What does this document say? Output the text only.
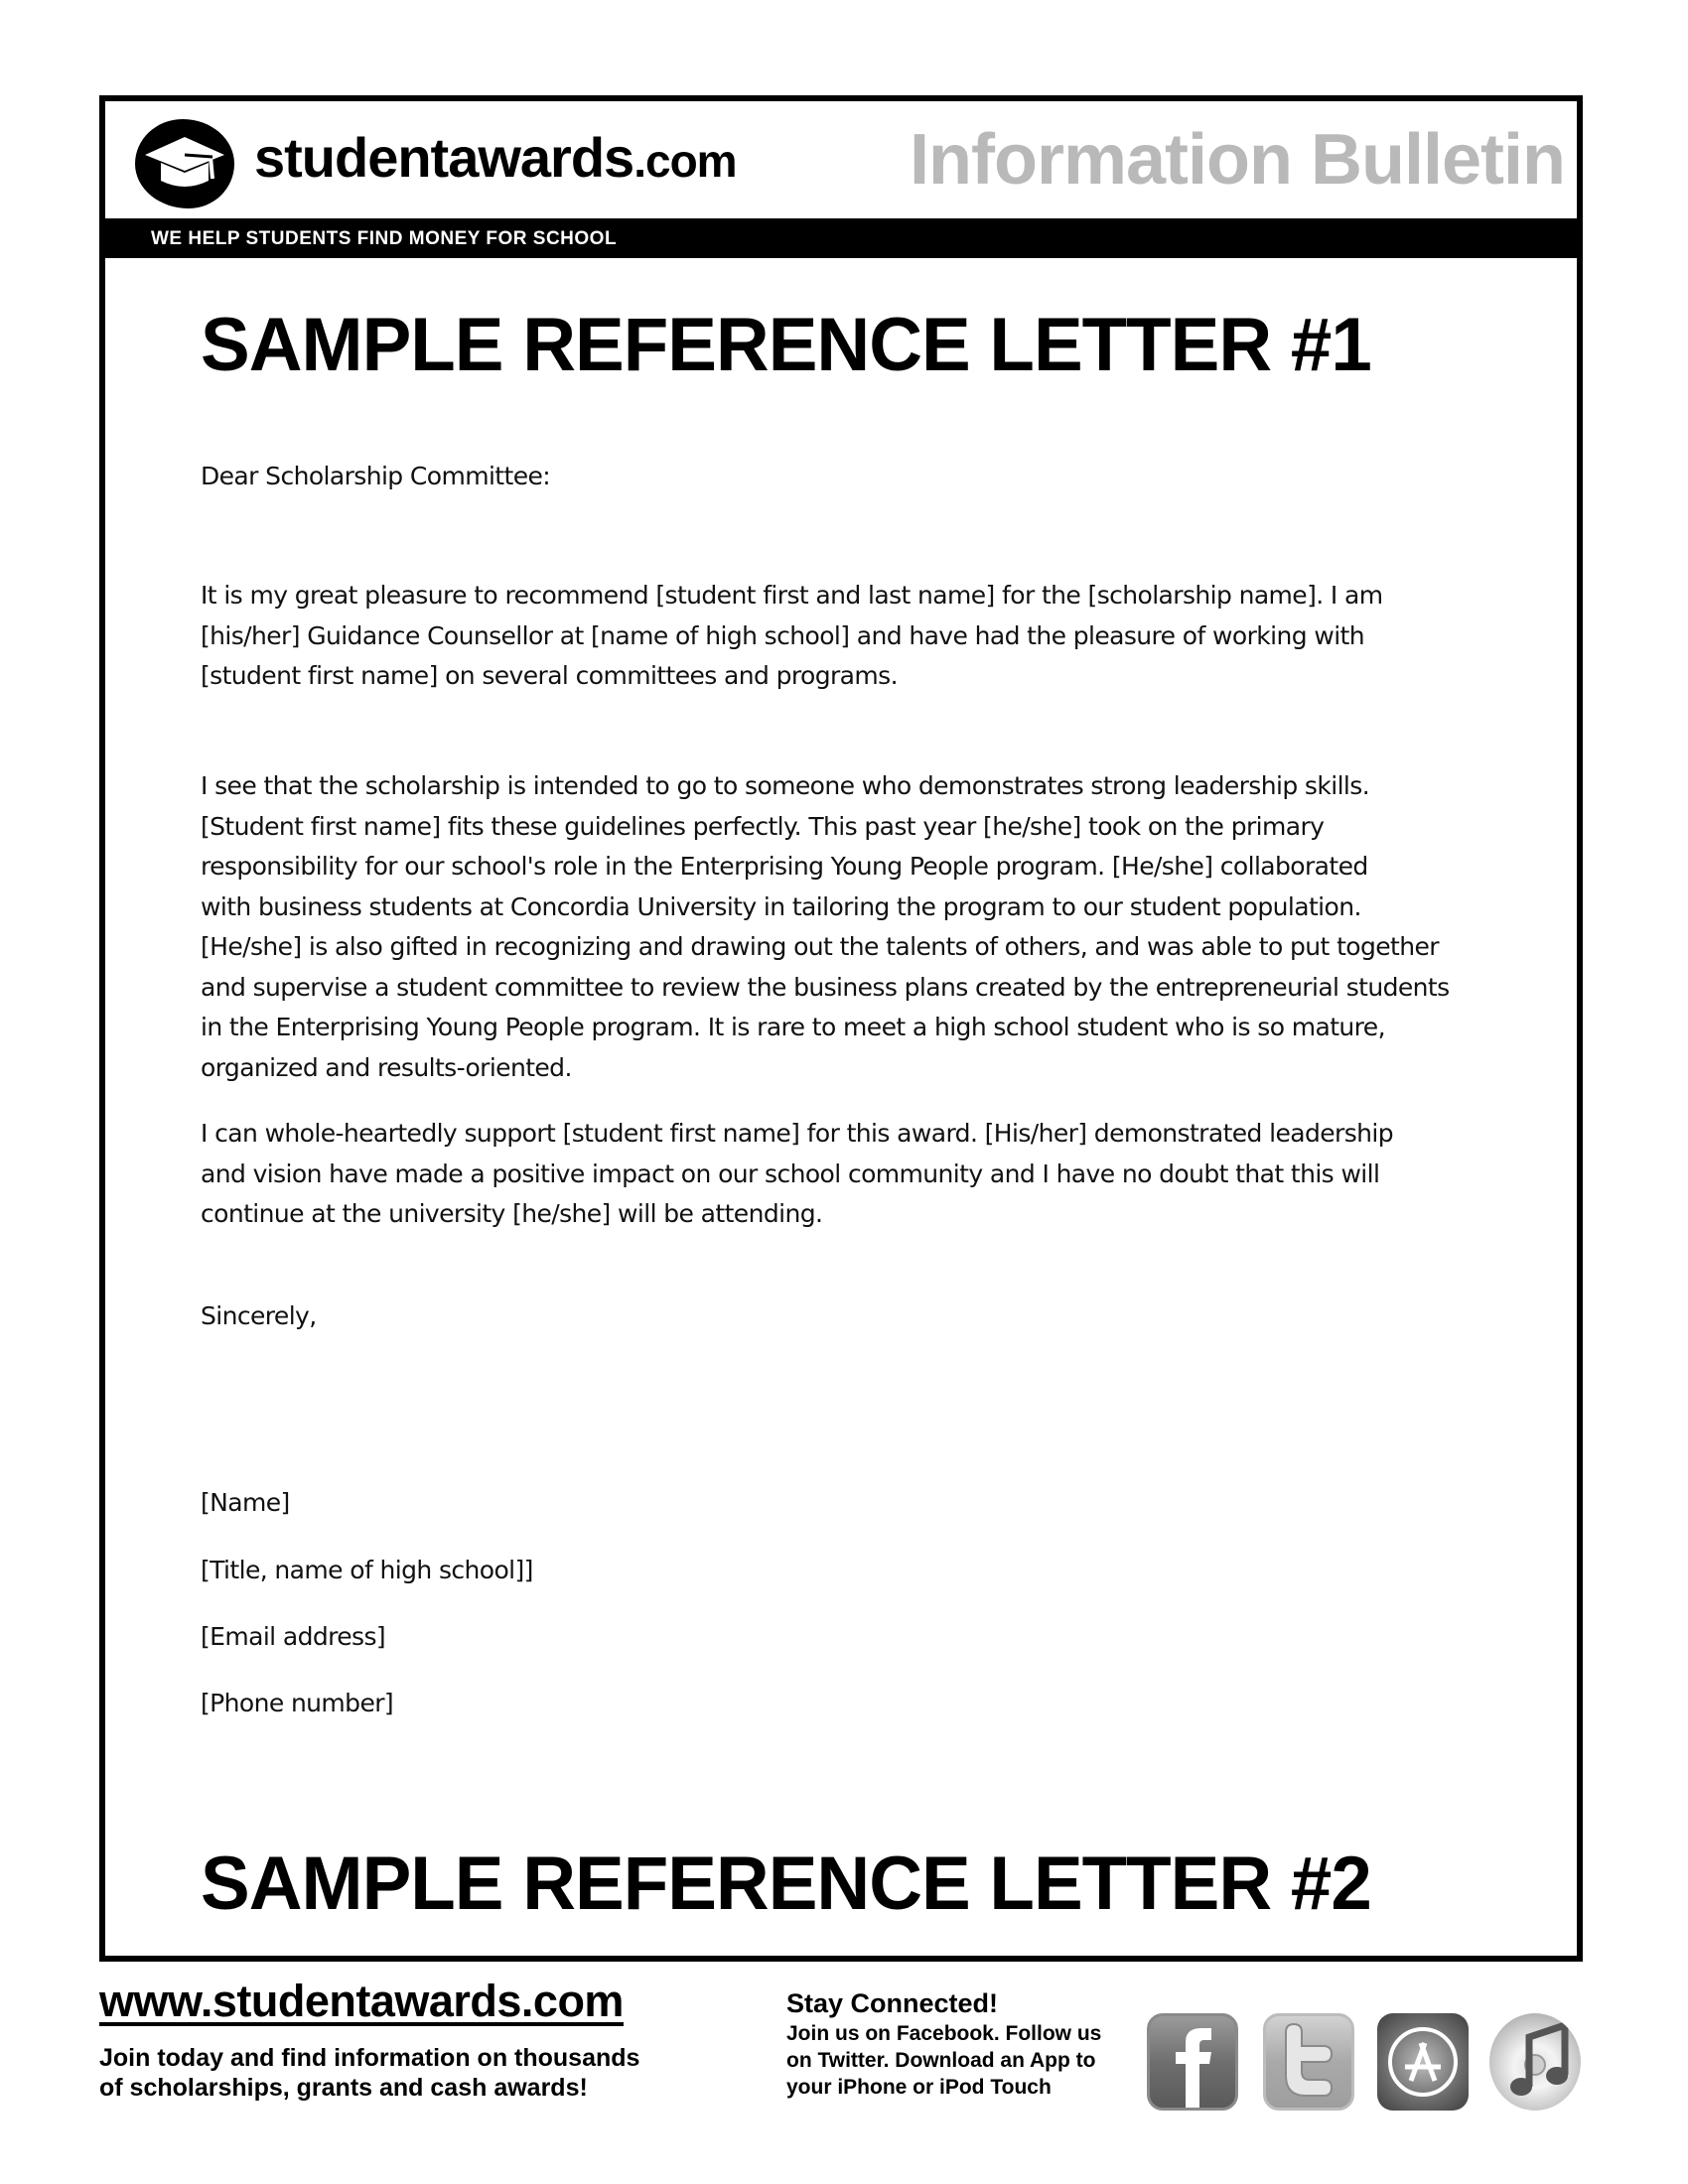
studentawards.com Information Bulletin
WE HELP STUDENTS FIND MONEY FOR SCHOOL
SAMPLE REFERENCE LETTER #1
Dear Scholarship Committee:
It is my great pleasure to recommend [student first and last name] for the [scholarship name]. I am
[his/her] Guidance Counsellor at [name of high school] and have had the pleasure of working with
[student first name] on several committees and programs.
I see that the scholarship is intended to go to someone who demonstrates strong leadership skills.
[Student first name] fits these guidelines perfectly. This past year [he/she] took on the primary
responsibility for our school's role in the Enterprising Young People program. [He/she] collaborated
with business students at Concordia University in tailoring the program to our student population.
[He/she] is also gifted in recognizing and drawing out the talents of others, and was able to put together
and supervise a student committee to review the business plans created by the entrepreneurial students
in the Enterprising Young People program. It is rare to meet a high school student who is so mature,
organized and results-oriented.
I can whole-heartedly support [student first name] for this award. [His/her] demonstrated leadership
and vision have made a positive impact on our school community and I have no doubt that this will
continue at the university [he/she] will be attending.
Sincerely,
[Name]
[Title, name of high school]]
[Email address]
[Phone number]
SAMPLE REFERENCE LETTER #2
www.studentawards.com
Join today and find information on thousands
of scholarships, grants and cash awards!
Stay Connected!
Join us on Facebook. Follow us
on Twitter. Download an App to
your iPhone or iPod Touch
